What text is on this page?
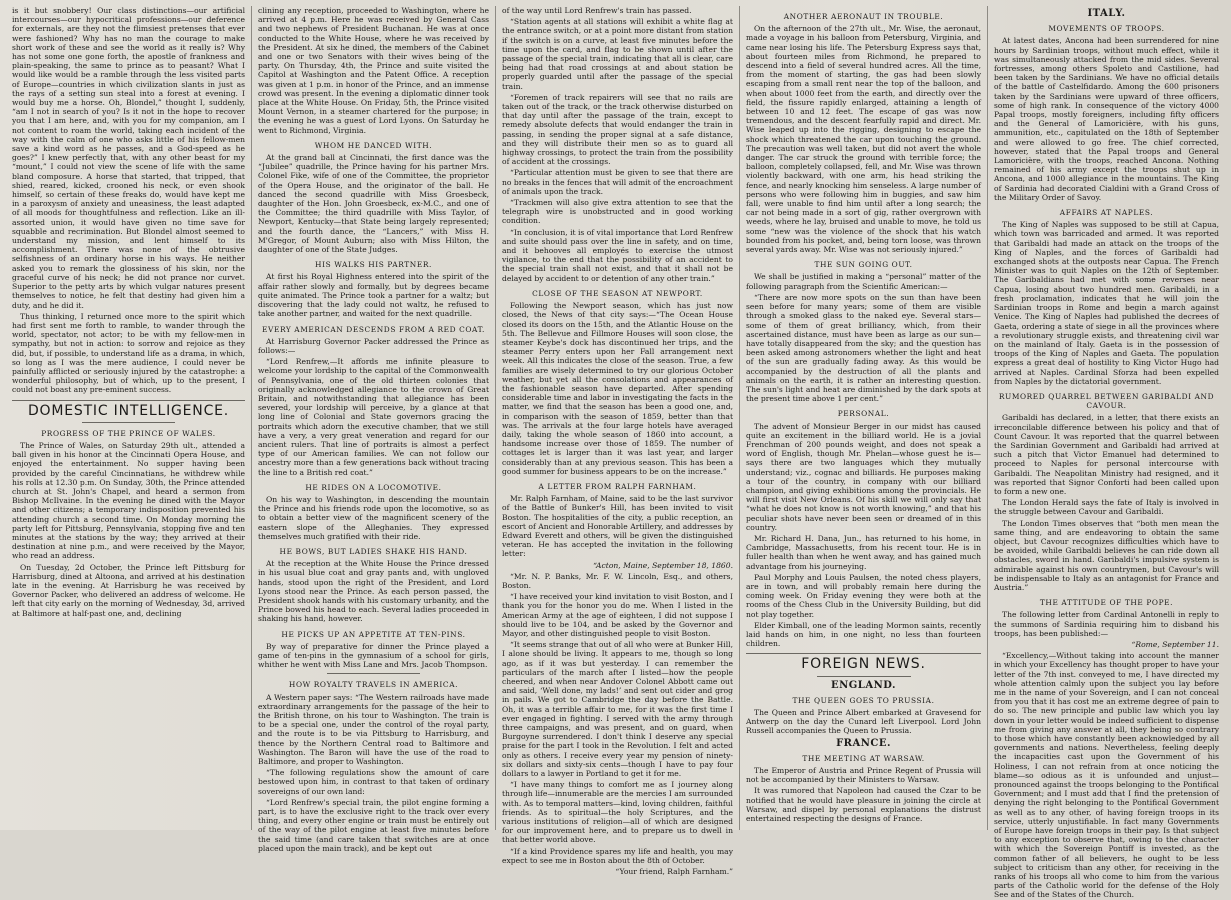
is it but snobbery! Our class distinctions—our artificial intercourses—our hypocritical professions—our deference for externals, are they not the flimsiest pretenses that ever were fashioned? Why has no man the courage to make short work of these and see the world as it really is? Why has not some one gone forth, the apostle of frankness and plain-speaking, the same to prince as to peasant? What I would like would be a ramble through the less visited parts of Europe—countries in which civilization slants in just as the rays of a setting sun steal into a forest at evening. I would buy me a horse. Oh, Blondel,” thought I, suddenly, “am I not in search of you? Is it not in the hope to recover you that I am here, and, with you for my companion, am I not content to roam the world, taking each incident of the way with the calm of one who asks little of his fellow-men save a kind word as he passes, and a God-speed as he goes?” I knew perfectly that, with any other beast for my “mount,” I could not view the scene of life with the same bland composure. A horse that started, that tripped, that shied, reared, kicked, crooned his neck, or even shook himself, so certain of these freaks do, would have kept me in a paroxysm of anxiety and uneasiness, the least adapted of all moods for thoughtfulness and reflection. Like an ill-assorted union, it would have given no time save for squabble and recrimination. But Blondel almost seemed to understand my mission, and lent himself to its accomplishment. There was none of the obtrusive selfishness of an ordinary horse in his ways. He neither asked you to remark the glossiness of his skin, nor the graceful curve of his neck; he did not prance nor curvet. Superior to the petty arts by which vulgar natures present themselves to notice, he felt that destiny had given him a duty, and he did it.

Thus thinking, I returned once more to the spirit which had first sent me forth to ramble, to wander through the world, spectator, not actor; to be with my fellow-men in sympathy, but not in action: to sorrow and rejoice as they did, but, if possible, to understand life as a drama, in which, so long as I was the mere audience, I could never be painfully afflicted or seriously injured by the catastrophe: a wonderful philosophy, but of which, up to the present, I could not boast any pre-eminent success.

DOMESTIC INTELLIGENCE.
PROGRESS OF THE PRINCE OF WALES.

The Prince of Wales, on Saturday 29th ult., attended a ball given in his honor at the Cincinnati Opera House, and enjoyed the entertainment. No supper having been provided by the careful Cincinnatians, he withdrew while his rolls at 12.30 p.m. On Sunday, 30th, the Prince attended church at St. John's Chapel, and heard a sermon from Bishop McIlvaine. In the evening he dined with the Mayor and other citizens; a temporary indisposition prevented his attending church a second time. On Monday morning the party left for Pittsburg, Pennsylvania, stopping five and ten minutes at the stations by the way; they arrived at their destination at nine p.m., and were received by the Mayor, who read an address.

On Tuesday, 2d October, the Prince left Pittsburg for Harrisburg, dined at Altoona, and arrived at his destination late in the evening. At Harrisburg he was received by Governor Packer, who delivered an address of welcome. He left that city early on the morning of Wednesday, 3d, arrived at Baltimore at half-past one, and, declining

clining any reception, proceeded to Washington, where he arrived at 4 p.m. Here he was received by General Cass and two nephews of President Buchanan. He was at once conducted to the White House, where he was received by the President. At six he dined, the members of the Cabinet and one or two Senators with their wives being of the party. On Thursday, 4th, the Prince and suite visited the Capitol at Washington and the Patent Office. A reception was given at 1 p.m. in honor of the Prince, and an immense crowd was present. In the evening a diplomatic dinner took place at the White House. On Friday, 5th, the Prince visited Mount Vernon, in a steamer chartered for the purpose; in the evening he was a guest of Lord Lyons. On Saturday he went to Richmond, Virginia.

WHOM HE DANCED WITH.

At the grand ball at Cincinnati, the first dance was the “Jubilee” quadrille, the Prince having for his partner Mrs. Colonel Fike, wife of one of the Committee, the proprietor of the Opera House, and the originator of the ball. He danced the second quadrille with Miss Groesbeck, daughter of the Hon. John Groesbeck, ex-M.C., and one of the Committee; the third quadrille with Miss Taylor, of Newport, Kentucky—that State being largely represented; and the fourth dance, the “Lancers,” with Miss H. M'Gregor, of Mount Auburn; also with Miss Hilton, the daughter of one of the State Judges.

HIS WALKS HIS PARTNER.

At first his Royal Highness entered into the spirit of the affair rather slowly and formally, but by degrees became quite animated. The Prince took a partner for a waltz; but discovering that the lady could not waltz, he refused to take another partner, and waited for the next quadrille.

EVERY AMERICAN DESCENDS FROM A RED COAT.

At Harrisburg Governor Packer addressed the Prince as follows:—

“Lord Renfrew,—It affords me infinite pleasure to welcome your lordship to the capital of the Commonwealth of Pennsylvania, one of the old thirteen colonies that originally acknowledged allegiance to the crown of Great Britain, and notwithstanding that allegiance has been severed, your lordship will perceive, by a glance at that long line of Colonial and State governors gracing the portraits which adorn the executive chamber, that we still have a very, a very great veneration and regard for our ancient rulers. That line of portraits is almost a perfect type of our American families. We can not follow our ancestry more than a few generations back without tracing the line to a British red coat.”

HE RIDES ON A LOCOMOTIVE.

On his way to Washington, in descending the mountain the Prince and his friends rode upon the locomotive, so as to obtain a better view of the magnificent scenery of the eastern slope of the Alleghanies. They expressed themselves much gratified with their ride.

HE BOWS, BUT LADIES SHAKE HIS HAND.

At the reception at the White House the Prince dressed in his usual blue coat and gray pants and, with ungloved hands, stood upon the right of the President, and Lord Lyons stood near the Prince. As each person passed, the President shook hands with his customary urbanity, and the Prince bowed his head to each. Several ladies proceeded in shaking his hand, however.

HE PICKS UP AN APPETITE AT TEN-PINS.

By way of preparative for dinner the Prince played a game of ten-pins in the gymnasium of a school for girls, whither he went with Miss Lane and Mrs. Jacob Thompson.

HOW ROYALTY TRAVELS IN AMERICA.

A Western paper says: “The Western railroads have made extraordinary arrangements for the passage of the heir to the British throne, on his tour to Washington. The train is to be a special one, under the control of the royal party, and the route is to be via Pittsburg to Harrisburg, and thence by the Northern Central road to Baltimore and Washington. The Baron will have the use of the road to Baltimore, and proper to Washington.

“The following regulations show the amount of care bestowed upon him, in contrast to that taken of ordinary sovereigns of our own land:

“Lord Renfrew's special train, the pilot engine forming a part, is to have the exclusive right to the track over every thing, and every other engine or train must be entirely out of the way of the pilot engine at least five minutes before the said time (and care taken that switches are at once placed upon the main track), and be kept out

of the way until Lord Renfrew's train has passed.

“Station agents at all stations will exhibit a white flag at the entrance switch, or at a point more distant from station if the switch is on a curve, at least five minutes before the time upon the card, and flag to be shown until after the passage of the special train, indicating that all is clear, care being had that road crossings at and about station be properly guarded until after the passage of the special train.

“Foremen of track repairers will see that no rails are taken out of the track, or the track otherwise disturbed on that day until after the passage of the train, except to remedy absolute defects that would endanger the train in passing, in sending the proper signal at a safe distance, and they will distribute their men so as to guard all highway crossings, to protect the train from the possibility of accident at the crossings.

“Particular attention must be given to see that there are no breaks in the fences that will admit of the encroachment of animals upon the track.

“Trackmen will also give extra attention to see that the telegraph wire is unobstructed and in good working condition.

“In conclusion, it is of vital importance that Lord Renfrew and suite should pass over the line in safety, and on time, and it behooves all employés to exercise the utmost vigilance, to the end that the possibility of an accident to the special train shall not exist, and that it shall not be delayed by accident to or detention of any other train.”

CLOSE OF THE SEASON AT NEWPORT.

Following the Newport season, which has just now closed, the News of that city says:—“The Ocean House closed its doors on the 15th, and the Atlantic House on the 5th. The Bellevue and Fillmore Houses will soon close, the steamer Keybe's dock has discontinued her trips, and the steamer Perry enters upon her Fall arrangement next week. All this indicates the close of the season. True, a few families are wisely determined to try our glorious October weather, but yet all the consolations and appearances of the fashionable season have departed. After spending considerable time and labor in investigating the facts in the matter, we find that the season has been a good one, and, in comparison with the season of 1859, better than that was. The arrivals at the four large hotels have averaged daily, taking the whole season of 1860 into account, a handsome increase over those of 1859. The number of cottages let is larger than it was last year, and larger considerably than at any previous season. This has been a good summer for business appears to be on the increase.”

A LETTER FROM RALPH FARNHAM.

Mr. Ralph Farnham, of Maine, said to be the last survivor of the Battle of Bunker's Hill, has been invited to visit Boston. The hospitalities of the city, a public reception, an escort of Ancient and Honorable Artillery, and addresses by Edward Everett and others, will be given the distinguished veteran. He has accepted the invitation in the following letter:

“Acton, Maine, September 18, 1860.

“Mr. N. P. Banks, Mr. F. W. Lincoln, Esq., and others, Boston.

“I have received your kind invitation to visit Boston, and I thank you for the honor you do me. When I listed in the American Army at the age of eighteen, I did not suppose I should live to be 104, and be asked by the Governor and Mayor, and other distinguished people to visit Boston.

“It seems strange that out of all who were at Bunker Hill, I alone should be living. It appears to me, though so long ago, as if it was but yesterday. I can remember the particulars of the march after I listed—how the people cheered, and when near Andover Colonel Abbott came out and said, ‘Well done, my lads!’ and sent out cider and grog in pails. We got to Cambridge the day before the Battle. Oh, it was a terrible affair to me, for it was the first time I ever engaged in fighting. I served with the army through three campaigns, and was present, and on guard, when Burgoyne surrendered. I don't think I deserve any special praise for the part I took in the Revolution. I felt and acted only as others. I receive every year my pension of ninety-six dollars and sixty-six cents—though I have to pay four dollars to a lawyer in Portland to get it for me.

“I have many things to comfort me as I journey along through life—innumerable are the mercies I am surrounded with. As to temporal matters—kind, loving children, faithful friends. As to spiritual—the holy Scriptures, and the various institutions of religion—all of which are designed for our improvement here, and to prepare us to dwell in that better world above.

“If a kind Providence spares my life and health, you may expect to see me in Boston about the 8th of October.

“Your friend, Ralph Farnham.”

ANOTHER AERONAUT IN TROUBLE.

On the afternoon of the 27th ult., Mr. Wise, the aeronaut, made a voyage in his balloon from Petersburg, Virginia, and came near losing his life. The Petersburg Express says that, about fourteen miles from Richmond, he prepared to descend into a field of several hundred acres. All the time, from the moment of starting, the gas had been slowly escaping from a small rent near the top of the balloon, and when about 1000 feet from the earth, and directly over the field, the fissure rapidly enlarged, attaining a length of between 10 and 12 feet. The escape of gas was now tremendous, and the descent fearfully rapid and direct. Mr. Wise leaped up into the rigging, designing to escape the shock which threatened the car upon touching the ground. The precaution was well taken, but did not avert the whole danger. The car struck the ground with terrible force; the balloon, completely collapsed, fell, and Mr. Wise was thrown violently backward, with one arm, his head striking the fence, and nearly knocking him senseless. A large number of persons who were following him in buggies, and saw him fall, were unable to find him until after a long search; the car not being made in a sort of gig, rather overgrown with weeds, where he lay, bruised and unable to move, he told us some “new was the violence of the shock that his watch bounded from his pocket, and, being torn loose, was thrown several yards away. Mr. Wise was not seriously injured.”

THE SUN GOING OUT.

We shall be justified in making a “personal” matter of the following paragraph from the Scientific American:—

“There are now more spots on the sun than have been seen before for many years; some of them are visible through a smoked glass to the naked eye. Several stars—some of them of great brilliancy, which, from their ascertained distance, must have been as large as our sun—have totally disappeared from the sky; and the question has been asked among astronomers whether the light and heat of the sun are gradually fading away. As this would be accompanied by the destruction of all the plants and animals on the earth, it is rather an interesting question. The sun's light and heat are diminished by the dark spots at the present time above 1 per cent.”

PERSONAL.

The advent of Monsieur Berger in our midst has caused quite an excitement in the billiard world. He is a jovial Frenchman of 200 pounds weight, and does not speak a word of English, though Mr. Phelan—whose guest he is—says there are two languages which they mutually understand; viz., cognac and billiards. He purposes making a tour of the country, in company with our billiard champion, and giving exhibitions among the provincials. He will first visit New Orleans. Of his skill we will only say that “what he does not know is not worth knowing,” and that his peculiar shots have never been seen or dreamed of in this country.

Mr. Richard H. Dana, Jun., has returned to his home, in Cambridge, Massachusetts, from his recent tour. He is in fuller health than when he went away, and has gained much advantage from his journeying.

Paul Morphy and Louis Paulsen, the noted chess players, are in town, and will probably remain here during the coming week. On Friday evening they were both at the rooms of the Chess Club in the University Building, but did not play together.

Elder Kimball, one of the leading Mormon saints, recently laid hands on him, in one night, no less than fourteen children.

FOREIGN NEWS.
ENGLAND.
THE QUEEN GOES TO PRUSSIA.

The Queen and Prince Albert embarked at Gravesend for Antwerp on the day the Cunard left Liverpool. Lord John Russell accompanies the Queen to Prussia.

FRANCE.
THE MEETING AT WARSAW.

The Emperor of Austria and Prince Regent of Prussia will not be accompanied by their Ministers to Warsaw.

It was rumored that Napoleon had caused the Czar to be notified that he would have pleasure in joining the circle at Warsaw, and dispel by personal explanations the distrust entertained respecting the designs of France.

ITALY.
MOVEMENTS OF TROOPS.

At latest dates, Ancona had been surrendered for nine hours by Sardinian troops, without much effect, while it was simultaneously attacked from the mid sides. Several fortresses, among others Spoleto and Castilione, had been taken by the Sardinians. We have no official details of the battle of Castelfidardo. Among the 600 prisoners taken by the Sardinians were upward of three officers, some of high rank. In consequence of the victory 4000 Papal troops, mostly foreigners, including fifty officers and the General of Lamoricière, with his guns, ammunition, etc., capitulated on the 18th of September and were allowed to go free. The chief corrected, however, stated that the Papal troops and General Lamoricière, with the troops, reached Ancona. Nothing remained of his army except the troops shut up in Ancona, and 1000 allegiance in the mountains. The King of Sardinia had decorated Cialdini with a Grand Cross of the Military Order of Savoy.

AFFAIRS AT NAPLES.

The King of Naples was supposed to be still at Capua, which town was barricaded and armed. It was reported that Garibaldi had made an attack on the troops of the King of Naples, and the forces of Garibaldi had exchanged shots at the outposts near Capua. The French Minister was to quit Naples on the 12th of September. The Garibaldians had met with some reverses near Capua, losing about two hundred men. Garibaldi, in a fresh proclamation, indicates that he will join the Sardinian troops in Rome and begin a march against Venice. The King of Naples had published the decrees of Gaeta, ordering a state of siege in all the provinces where a revolutionary struggle exists, and threatening civil war on the mainland of Italy. Gaeta is in the possession of troops of the King of Naples and Gaeta. The population express a great deal of hostility to King Victor Hugo had arrived at Naples. Cardinal Sforza had been expelled from Naples by the dictatorial government.

RUMORED QUARREL BETWEEN GARIBALDI AND CAVOUR.

Garibaldi has declared, in a letter, that there exists an irreconcilable difference between his policy and that of Count Cavour. It was reported that the quarrel between the Sardinian Government and Garibaldi had arrived at such a pitch that Victor Emanuel had determined to proceed to Naples for personal intercourse with Garibaldi. The Neapolitan Ministry had resigned, and it was reported that Signor Conforti had been called upon to form a new one.

The London Herald says the fate of Italy is involved in the struggle between Cavour and Garibaldi.

The London Times observes that “both men mean the same thing, and are endeavoring to obtain the same object, but Cavour recognizes difficulties which have to be avoided, while Garibaldi believes he can ride down all obstacles, sword in hand. Garibaldi's impulsive system is admirable against his own countrymen, but Cavour's will be indispensable to Italy as an antagonist for France and Austria.”

THE ATTITUDE OF THE POPE.

The following letter from Cardinal Antonelli in reply to the summons of Sardinia requiring him to disband his troops, has been published:—

“Rome, September 11.

“Excellency,—Without taking into account the manner in which your Excellency has thought proper to have your letter of the 7th inst. conveyed to me, I have directed my whole attention calmly upon the subject you lay before me in the name of your Sovereign, and I can not conceal from you that it has cost me an extreme degree of pain to do so. The new principle and public law which you lay down in your letter would be indeed sufficient to dispense me from giving any answer at all, they being so contrary to those which have constantly been acknowledged by all governments and nations. Nevertheless, feeling deeply the incapacities cast upon the Government of his Holiness, I can not refrain from at once noticing the blame—so odious as it is unfounded and unjust—pronounced against the troops belonging to the Pontifical Government; and I must add that I find the pretension of denying the right belonging to the Pontifical Government as well as to any other, of having foreign troops in its service, utterly unjustifiable. In fact many Governments of Europe have foreign troops in their pay. Is that subject to any exception to observe that, owing to the character with which the Sovereign Pontiff is invested, as the common father of all believers, he ought to be less subject to criticism than any other, for receiving in the ranks of his troops all who come to him from the various parts of the Catholic world for the defense of the Holy See and of the States of the Church.
